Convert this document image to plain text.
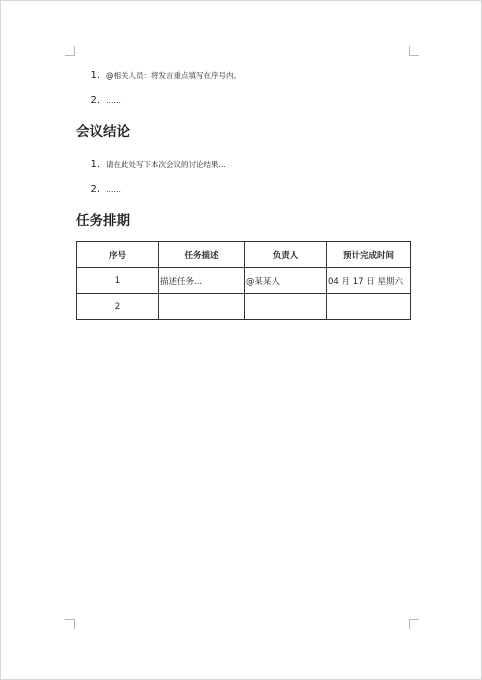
1. @相关人员：将发言重点填写在序号内。
2. ……
会议结论
1. 请在此处写下本次会议的讨论结果...
2. ……
任务排期
序号	任务描述	负责人	预计完成时间
1	描述任务...	@某某人	04 月 17 日 星期六
2			
